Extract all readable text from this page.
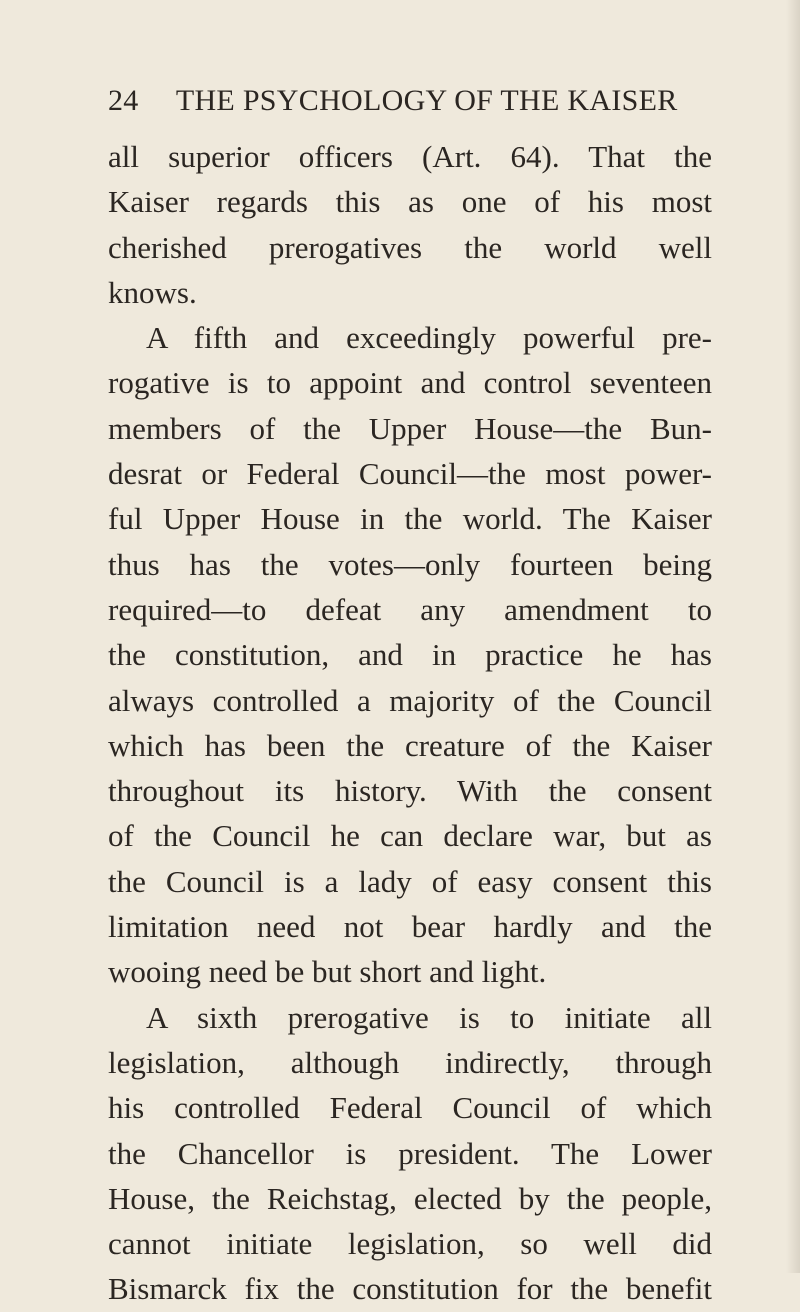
24 THE PSYCHOLOGY OF THE KAISER
all superior officers (Art. 64). That the
Kaiser regards this as one of his most
cherished prerogatives the world well
knows.
A fifth and exceedingly powerful pre-
rogative is to appoint and control seventeen
members of the Upper House—the Bun-
desrat or Federal Council—the most power-
ful Upper House in the world. The Kaiser
thus has the votes—only fourteen being
required—to defeat any amendment to
the constitution, and in practice he has
always controlled a majority of the Council
which has been the creature of the Kaiser
throughout its history. With the consent
of the Council he can declare war, but as
the Council is a lady of easy consent this
limitation need not bear hardly and the
wooing need be but short and light.
A sixth prerogative is to initiate all
legislation, although indirectly, through
his controlled Federal Council of which
the Chancellor is president. The Lower
House, the Reichstag, elected by the people,
cannot initiate legislation, so well did
Bismarck fix the constitution for the benefit
